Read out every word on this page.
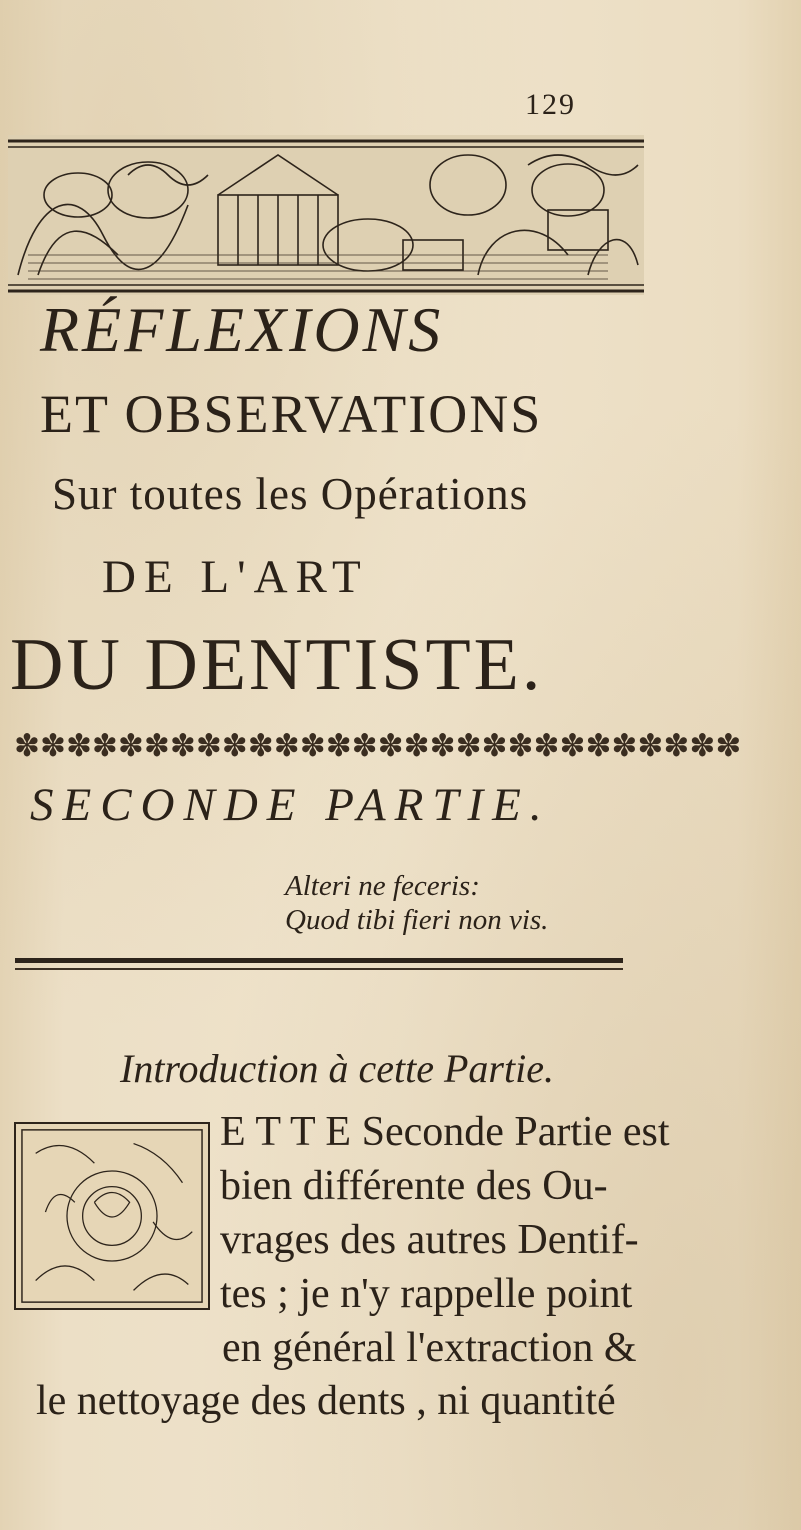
129
RÉFLEXIONS
ET OBSERVATIONS
Sur toutes les Opérations
DE L'ART
DU DENTISTE.
✽✽✽✽✽✽✽✽✽✽✽✽✽✽✽✽✽✽✽✽✽✽✽✽✽✽✽✽
SECONDE PARTIE.
Alteri ne feceris:
Quod tibi fieri non vis.
Introduction à cette Partie.
E T T E Seconde Partie est
bien différente des Ou-
vrages des autres Dentif-
tes ; je n'y rappelle point
en général l'extraction &
le nettoyage des dents , ni quantité
